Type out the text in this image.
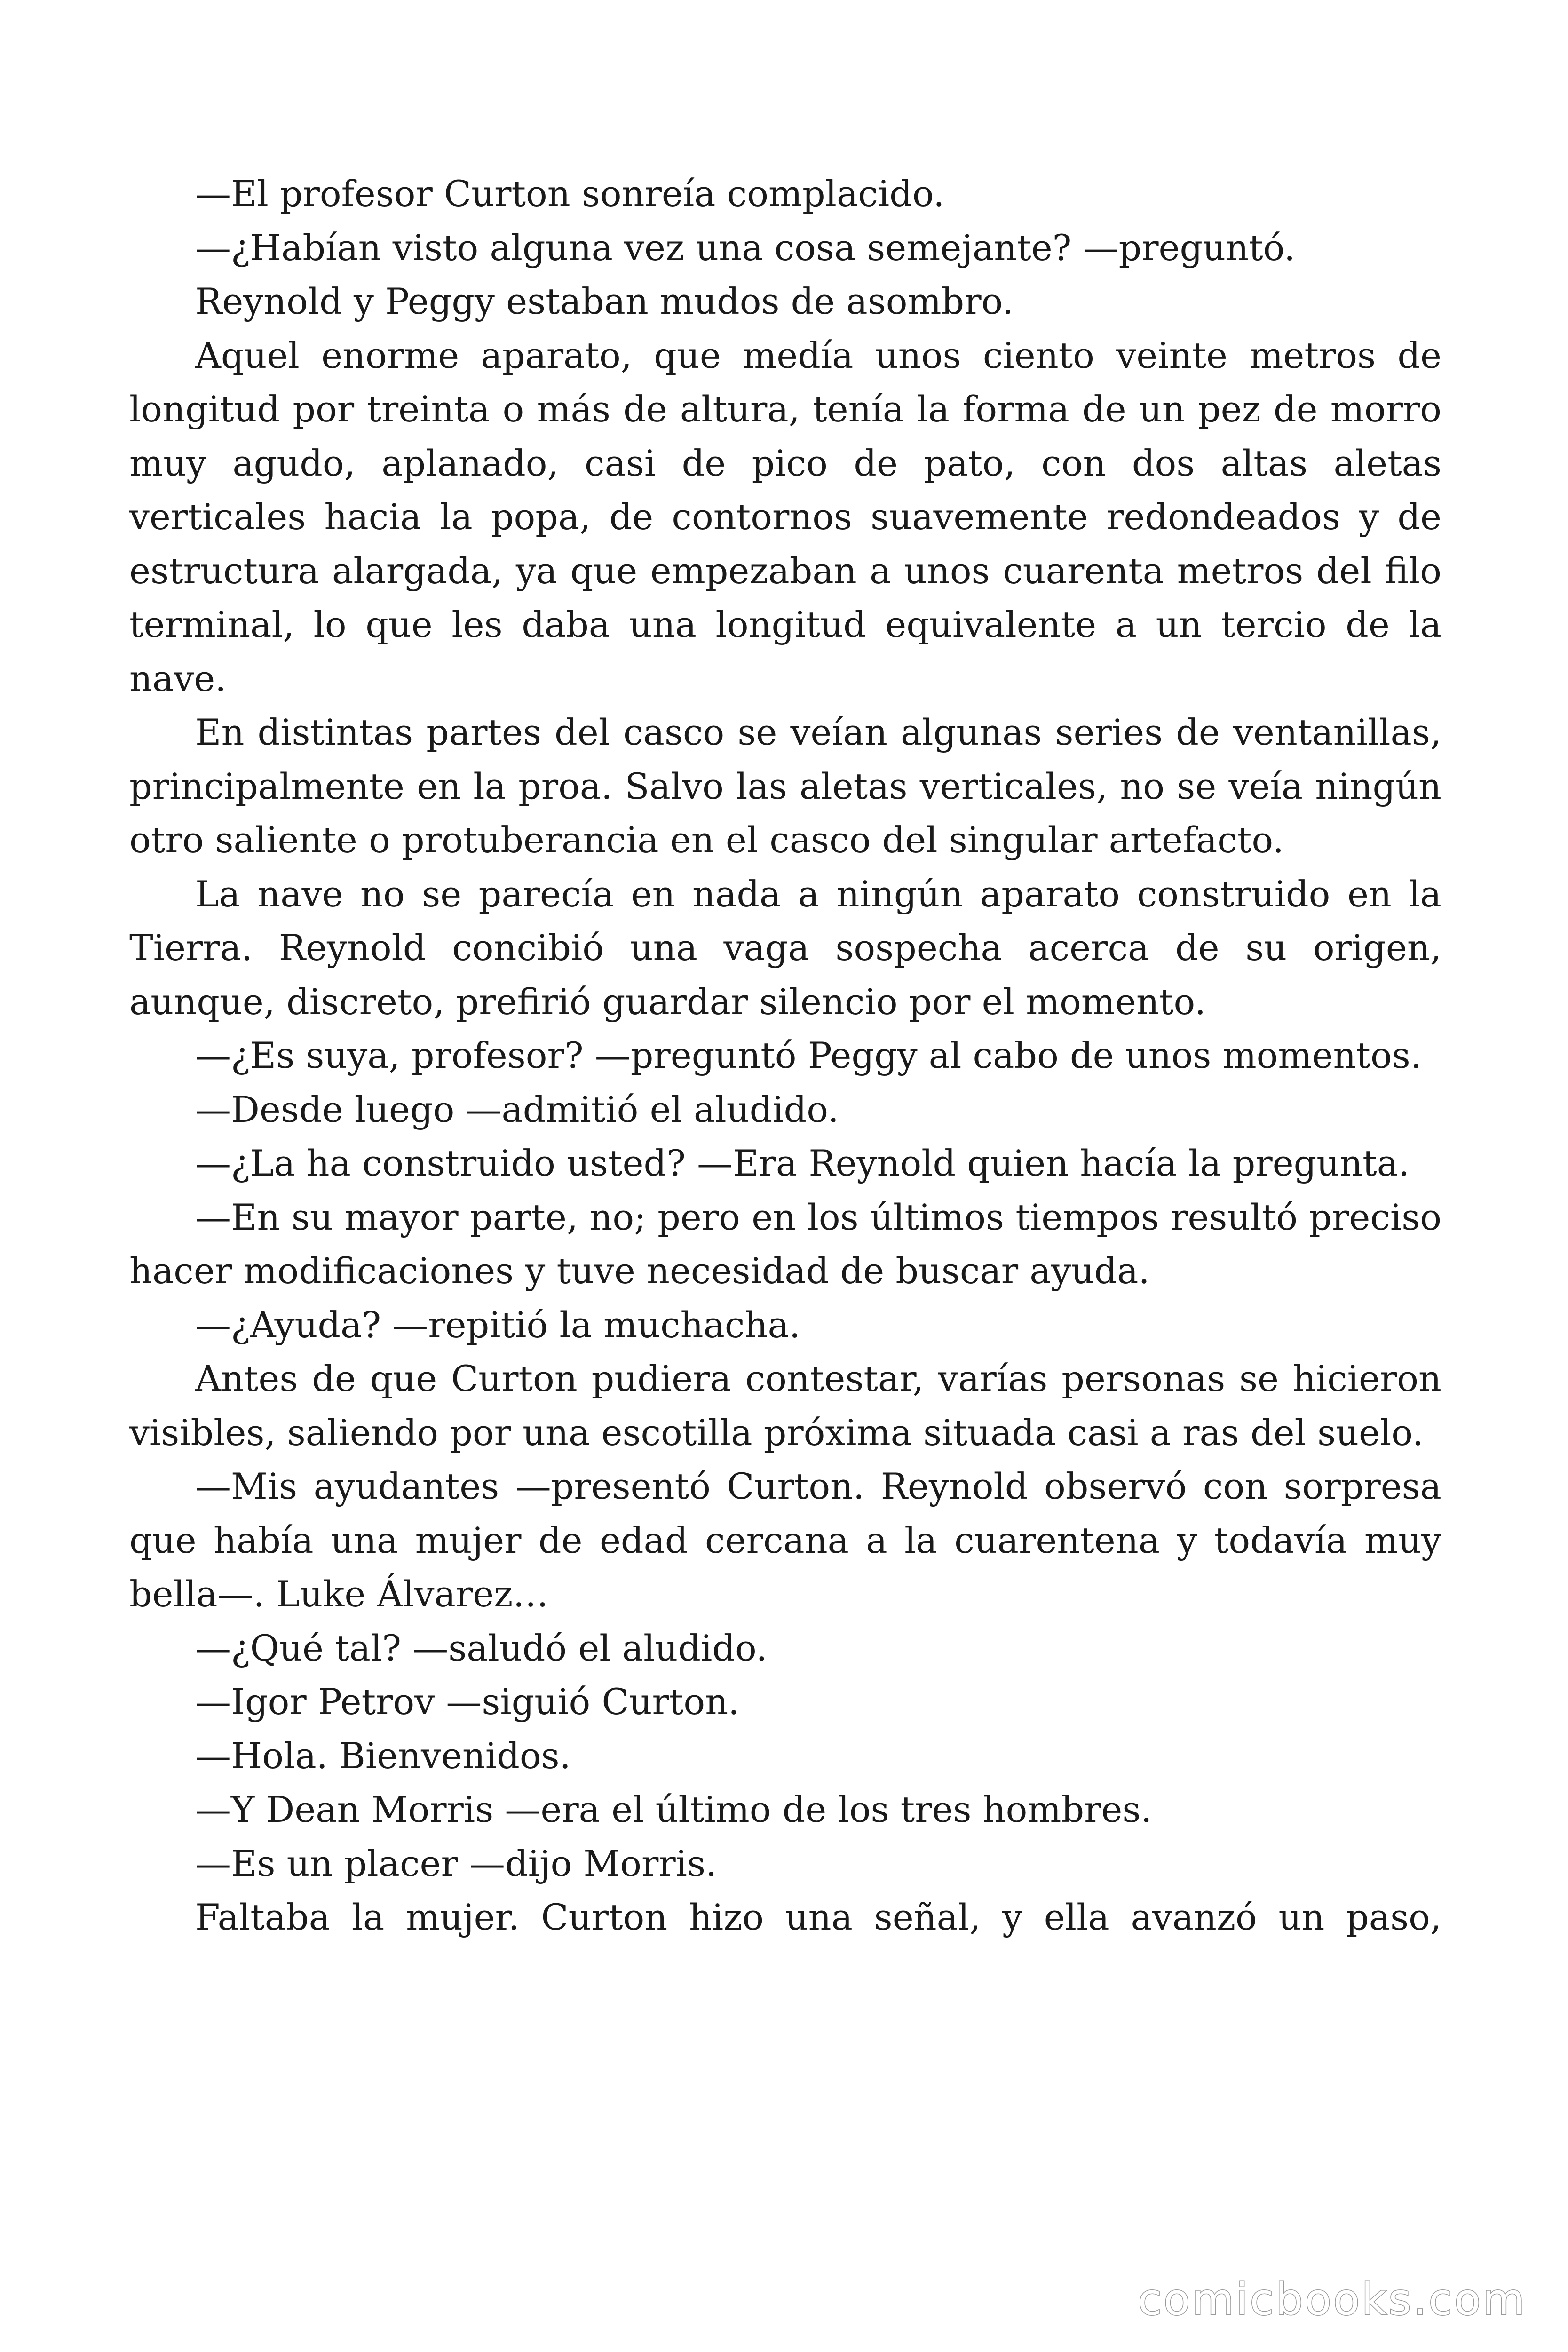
—El profesor Curton sonreía complacido.

—¿Habían visto alguna vez una cosa semejante? —preguntó.

Reynold y Peggy estaban mudos de asombro.

Aquel enorme aparato, que medía unos ciento veinte metros de longitud por treinta o más de altura, tenía la forma de un pez de morro muy agudo, aplanado, casi de pico de pato, con dos altas aletas verticales hacia la popa, de contornos suavemente redondeados y de estructura alargada, ya que empezaban a unos cuarenta metros del filo terminal, lo que les daba una longitud equivalente a un tercio de la nave.

En distintas partes del casco se veían algunas series de ventanillas, principalmente en la proa. Salvo las aletas verticales, no se veía ningún otro saliente o protuberancia en el casco del singular artefacto.

La nave no se parecía en nada a ningún aparato construido en la Tierra. Reynold concibió una vaga sospecha acerca de su origen, aunque, discreto, prefirió guardar silencio por el momento.

—¿Es suya, profesor? —preguntó Peggy al cabo de unos momentos.

—Desde luego —admitió el aludido.

—¿La ha construido usted? —Era Reynold quien hacía la pregunta.

—En su mayor parte, no; pero en los últimos tiempos resultó preciso hacer modificaciones y tuve necesidad de buscar ayuda.

—¿Ayuda? —repitió la muchacha.

Antes de que Curton pudiera contestar, varías personas se hicieron visibles, saliendo por una escotilla próxima situada casi a ras del suelo.

—Mis ayudantes —presentó Curton. Reynold observó con sorpresa que había una mujer de edad cercana a la cuarentena y todavía muy bella—. Luke Álvarez…

—¿Qué tal? —saludó el aludido.

—Igor Petrov —siguió Curton.

—Hola. Bienvenidos.

—Y Dean Morris —era el último de los tres hombres.

—Es un placer —dijo Morris.

Faltaba la mujer. Curton hizo una señal, y ella avanzó un paso,

comicbooks.com
